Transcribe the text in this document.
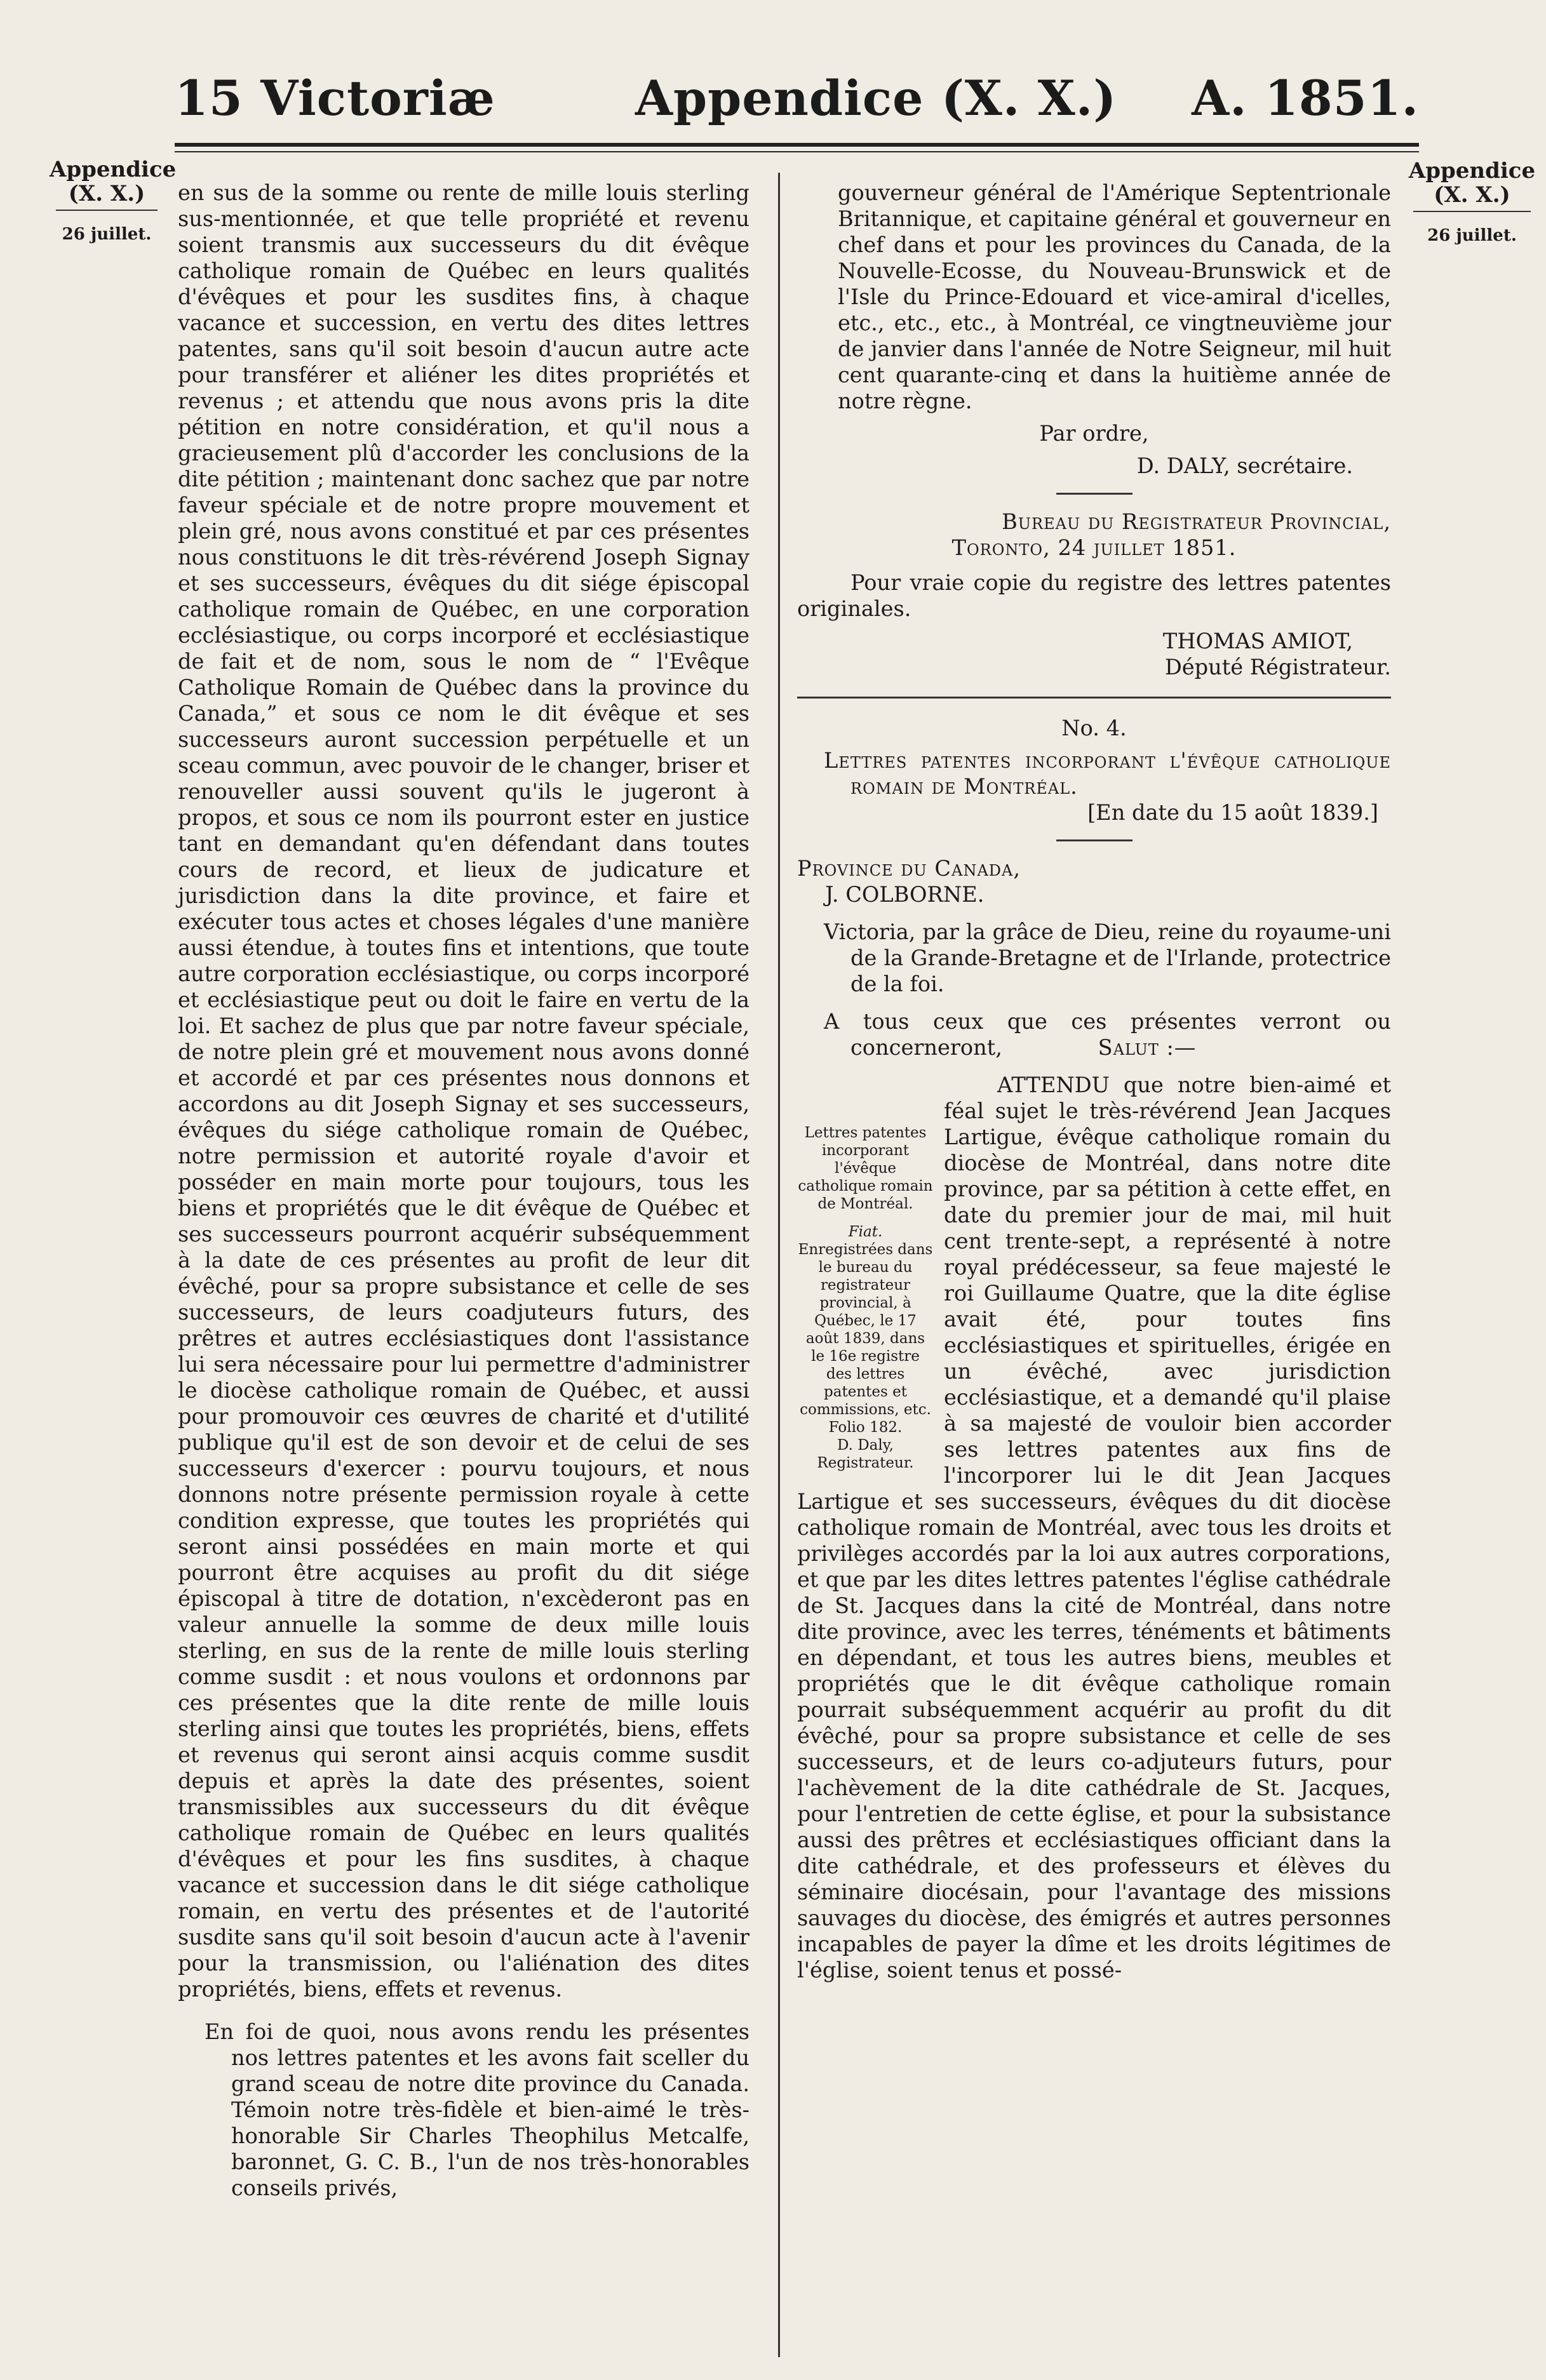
15 Victoriæ	Appendice (X. X.) A. 1851.
Appendice
(X. X.)
26 juillet.
Appendice
(X. X.)
26 juillet.

en sus de la somme ou rente de mille louis sterling sus-mentionnée, et que telle propriété et revenu soient transmis aux successeurs du dit évêque catholique romain de Québec en leurs qualités d'évêques et pour les susdites fins, à chaque vacance et succession, en vertu des dites lettres patentes, sans qu'il soit besoin d'aucun autre acte pour transférer et aliéner les dites propriétés et revenus ; et attendu que nous avons pris la dite pétition en notre considération, et qu'il nous a gracieusement plû d'accorder les conclusions de la dite pétition ; maintenant donc sachez que par notre faveur spéciale et de notre propre mouvement et plein gré, nous avons constitué et par ces présentes nous constituons le dit très-révérend Joseph Signay et ses successeurs, évêques du dit siége épiscopal catholique romain de Québec, en une corporation ecclésiastique, ou corps incorporé et ecclésiastique de fait et de nom, sous le nom de “ l'Evêque Catholique Romain de Québec dans la province du Canada,” et sous ce nom le dit évêque et ses successeurs auront succession perpétuelle et un sceau commun, avec pouvoir de le changer, briser et renouveller aussi souvent qu'ils le jugeront à propos, et sous ce nom ils pourront ester en justice tant en demandant qu'en défendant dans toutes cours de record, et lieux de judicature et jurisdiction dans la dite province, et faire et exécuter tous actes et choses légales d'une manière aussi étendue, à toutes fins et intentions, que toute autre corporation ecclésiastique, ou corps incorporé et ecclésiastique peut ou doit le faire en vertu de la loi. Et sachez de plus que par notre faveur spéciale, de notre plein gré et mouvement nous avons donné et accordé et par ces présentes nous donnons et accordons au dit Joseph Signay et ses successeurs, évêques du siége catholique romain de Québec, notre permission et autorité royale d'avoir et posséder en main morte pour toujours, tous les biens et propriétés que le dit évêque de Québec et ses successeurs pourront acquérir subséquemment à la date de ces présentes au profit de leur dit évêché, pour sa propre subsistance et celle de ses successeurs, de leurs coadjuteurs futurs, des prêtres et autres ecclésiastiques dont l'assistance lui sera nécessaire pour lui permettre d'administrer le diocèse catholique romain de Québec, et aussi pour promouvoir ces œuvres de charité et d'utilité publique qu'il est de son devoir et de celui de ses successeurs d'exercer : pourvu toujours, et nous donnons notre présente permission royale à cette condition expresse, que toutes les propriétés qui seront ainsi possédées en main morte et qui pourront être acquises au profit du dit siége épiscopal à titre de dotation, n'excèderont pas en valeur annuelle la somme de deux mille louis sterling, en sus de la rente de mille louis sterling comme susdit : et nous voulons et ordonnons par ces présentes que la dite rente de mille louis sterling ainsi que toutes les propriétés, biens, effets et revenus qui seront ainsi acquis comme susdit depuis et après la date des présentes, soient transmissibles aux successeurs du dit évêque catholique romain de Québec en leurs qualités d'évêques et pour les fins susdites, à chaque vacance et succession dans le dit siége catholique romain, en vertu des présentes et de l'autorité susdite sans qu'il soit besoin d'aucun acte à l'avenir pour la transmission, ou l'aliénation des dites propriétés, biens, effets et revenus.

En foi de quoi, nous avons rendu les présentes nos lettres patentes et les avons fait sceller du grand sceau de notre dite province du Canada. Témoin notre très-fidèle et bien-aimé le très-honorable Sir Charles Theophilus Metcalfe, baronnet, G. C. B., l'un de nos très-honorables conseils privés,

gouverneur général de l'Amérique Septentrionale Britannique, et capitaine général et gouverneur en chef dans et pour les provinces du Canada, de la Nouvelle-Ecosse, du Nouveau-Brunswick et de l'Isle du Prince-Edouard et vice-amiral d'icelles, etc., etc., etc., à Montréal, ce vingtneuvième jour de janvier dans l'année de Notre Seigneur, mil huit cent quarante-cinq et dans la huitième année de notre règne.

Par ordre,

D. DALY, secrétaire.

Bureau du Registrateur Provincial,

Toronto, 24 juillet 1851.

Pour vraie copie du registre des lettres patentes originales.

THOMAS AMIOT,

Député Régistrateur.

No. 4.

Lettres patentes incorporant l'évêque catholique romain de Montréal.

[En date du 15 août 1839.]

Province du Canada,

J. COLBORNE.

Victoria, par la grâce de Dieu, reine du royaume-uni de la Grande-Bretagne et de l'Irlande, protectrice de la foi.

A tous ceux que ces présentes verront ou concerneront,	Salut :—

Lettres patentes incorporant l'évêque catholique romain de Montréal.
Fiat.
Enregistrées dans le bureau du registrateur provincial, à Québec, le 17 août 1839, dans le 16e registre des lettres patentes et commissions, etc. Folio 182.
D. Daly,
Registrateur.

ATTENDU que notre bien-aimé et féal sujet le très-révérend Jean Jacques Lartigue, évêque catholique romain du diocèse de Montréal, dans notre dite province, par sa pétition à cette effet, en date du premier jour de mai, mil huit cent trente-sept, a représenté à notre royal prédécesseur, sa feue majesté le roi Guillaume Quatre, que la dite église avait été, pour toutes fins ecclésiastiques et spirituelles, érigée en un évêché, avec jurisdiction ecclésiastique, et a demandé qu'il plaise à sa majesté de vouloir bien accorder ses lettres patentes aux fins de l'incorporer lui le dit Jean Jacques Lartigue et ses successeurs, évêques du dit diocèse catholique romain de Montréal, avec tous les droits et privilèges accordés par la loi aux autres corporations, et que par les dites lettres patentes l'église cathédrale de St. Jacques dans la cité de Montréal, dans notre dite province, avec les terres, ténéments et bâtiments en dépendant, et tous les autres biens, meubles et propriétés que le dit évêque catholique romain pourrait subséquemment acquérir au profit du dit évêché, pour sa propre subsistance et celle de ses successeurs, et de leurs co-adjuteurs futurs, pour l'achèvement de la dite cathédrale de St. Jacques, pour l'entretien de cette église, et pour la subsistance aussi des prêtres et ecclésiastiques officiant dans la dite cathédrale, et des professeurs et élèves du séminaire diocésain, pour l'avantage des missions sauvages du diocèse, des émigrés et autres personnes incapables de payer la dîme et les droits légitimes de l'église, soient tenus et possé-
